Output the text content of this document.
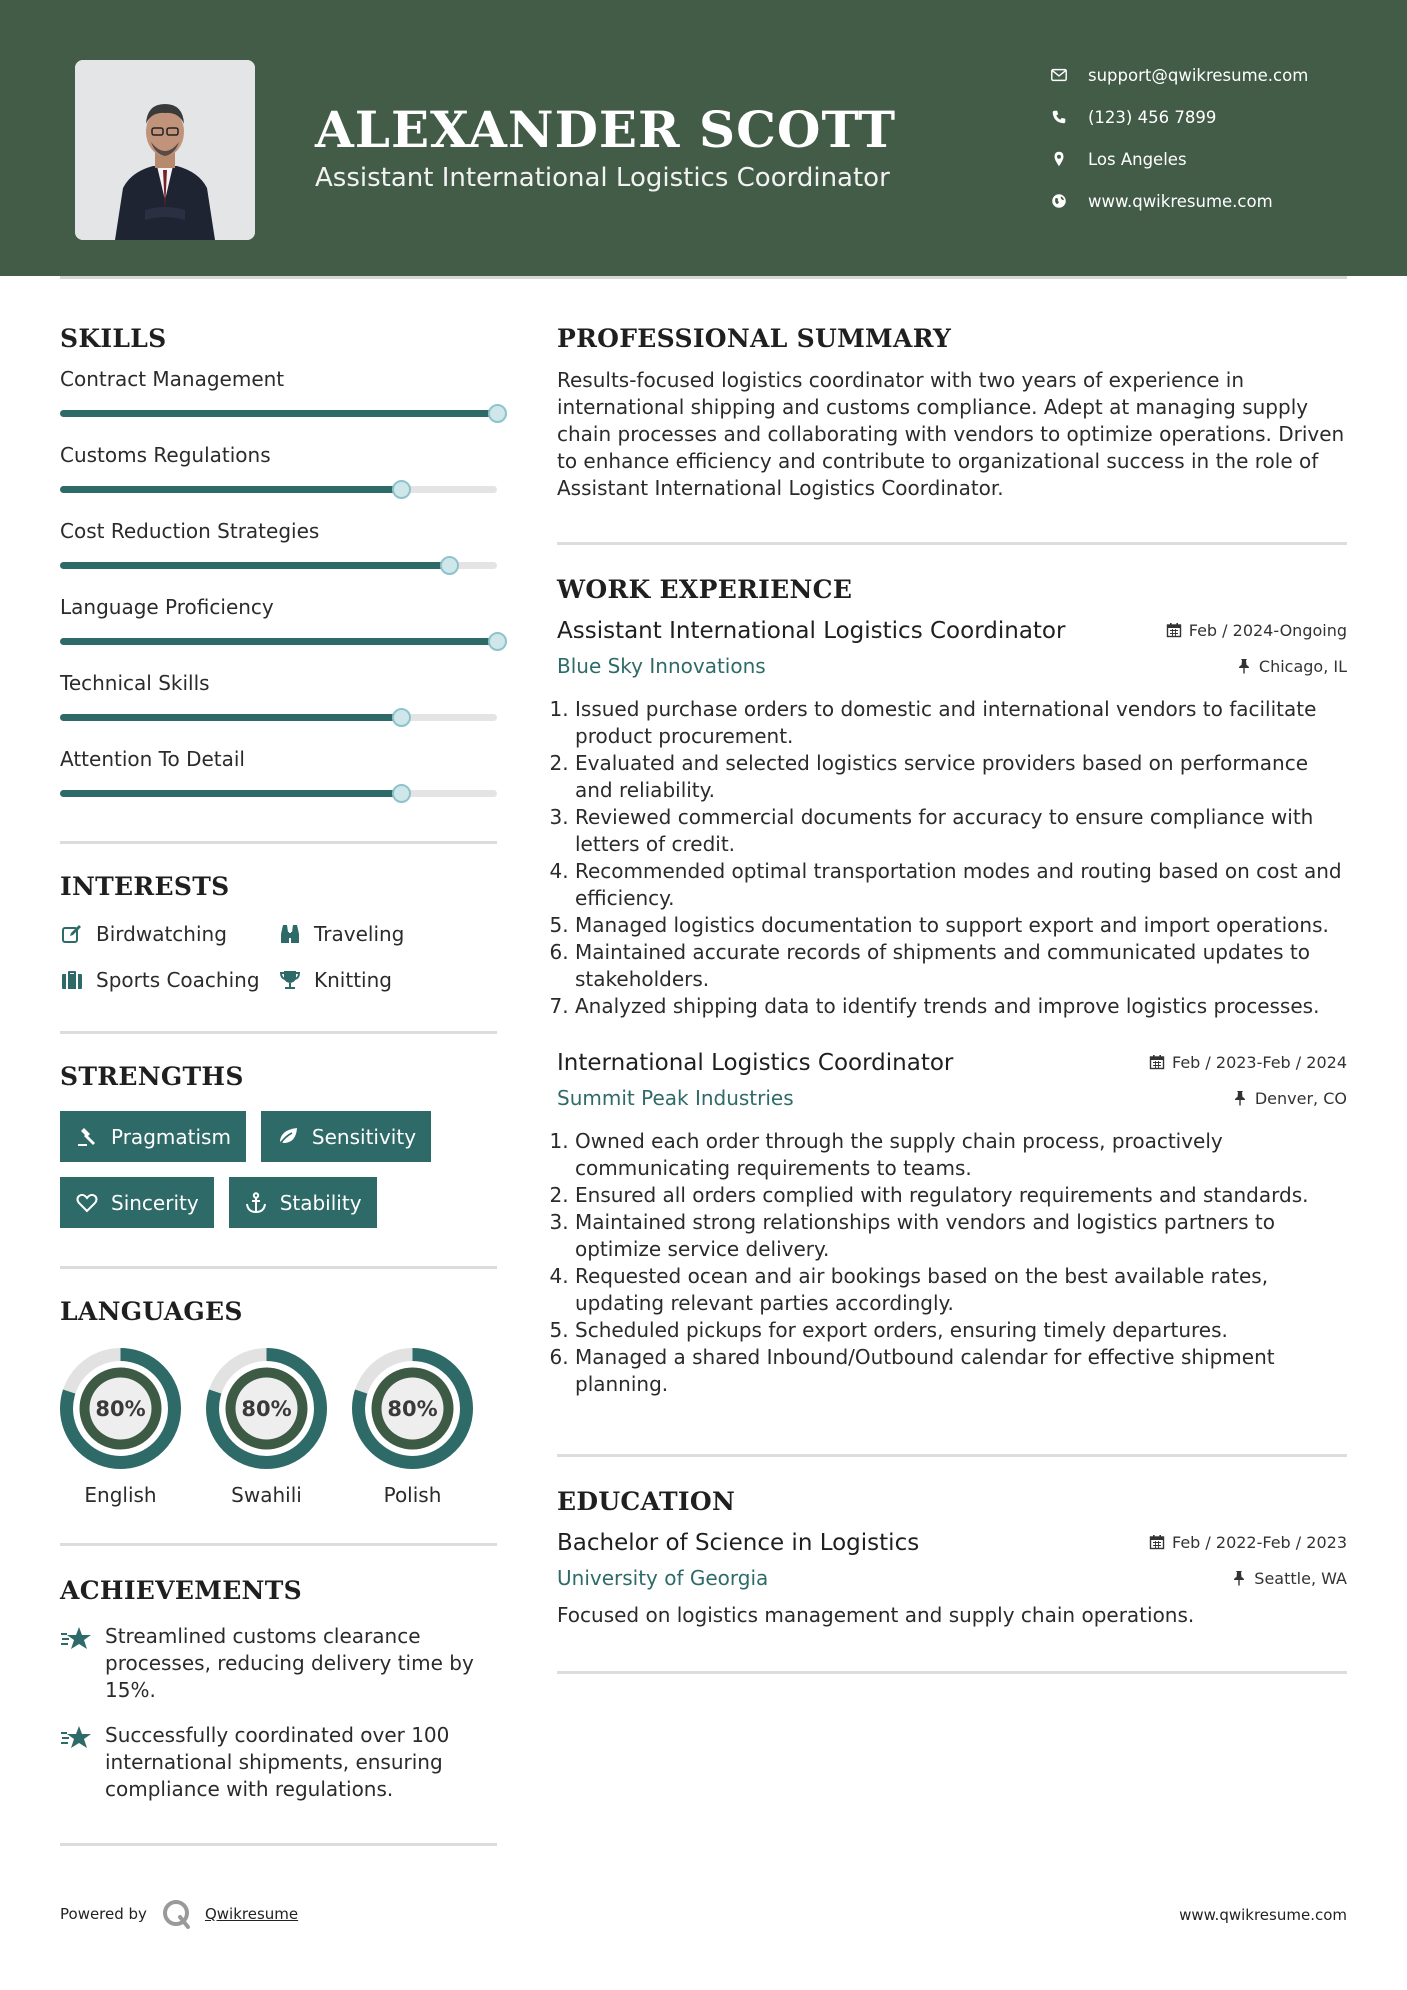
ALEXANDER SCOTT
Assistant International Logistics Coordinator
support@qwikresume.com
(123) 456 7899
Los Angeles
www.qwikresume.com
SKILLS
Contract Management
Customs Regulations
Cost Reduction Strategies
Language Proficiency
Technical Skills
Attention To Detail
INTERESTS
Birdwatching	Traveling
Sports Coaching	Knitting
STRENGTHS
Pragmatism	Sensitivity
Sincerity	Stability
LANGUAGES
80%
English
80%
Swahili
80%
Polish
ACHIEVEMENTS
Streamlined customs clearance processes, reducing delivery time by 15%.
Successfully coordinated over 100 international shipments, ensuring compliance with regulations.
PROFESSIONAL SUMMARY
Results-focused logistics coordinator with two years of experience in international shipping and customs compliance. Adept at managing supply chain processes and collaborating with vendors to optimize operations. Driven to enhance efficiency and contribute to organizational success in the role of Assistant International Logistics Coordinator.
WORK EXPERIENCE
Assistant International Logistics Coordinator	Feb / 2024-Ongoing
Blue Sky Innovations	Chicago, IL
1. Issued purchase orders to domestic and international vendors to facilitate product procurement.
2. Evaluated and selected logistics service providers based on performance and reliability.
3. Reviewed commercial documents for accuracy to ensure compliance with letters of credit.
4. Recommended optimal transportation modes and routing based on cost and efficiency.
5. Managed logistics documentation to support export and import operations.
6. Maintained accurate records of shipments and communicated updates to stakeholders.
7. Analyzed shipping data to identify trends and improve logistics processes.
International Logistics Coordinator	Feb / 2023-Feb / 2024
Summit Peak Industries	Denver, CO
1. Owned each order through the supply chain process, proactively communicating requirements to teams.
2. Ensured all orders complied with regulatory requirements and standards.
3. Maintained strong relationships with vendors and logistics partners to optimize service delivery.
4. Requested ocean and air bookings based on the best available rates, updating relevant parties accordingly.
5. Scheduled pickups for export orders, ensuring timely departures.
6. Managed a shared Inbound/Outbound calendar for effective shipment planning.
EDUCATION
Bachelor of Science in Logistics	Feb / 2022-Feb / 2023
University of Georgia	Seattle, WA
Focused on logistics management and supply chain operations.
Powered by	Qwikresume	www.qwikresume.com
